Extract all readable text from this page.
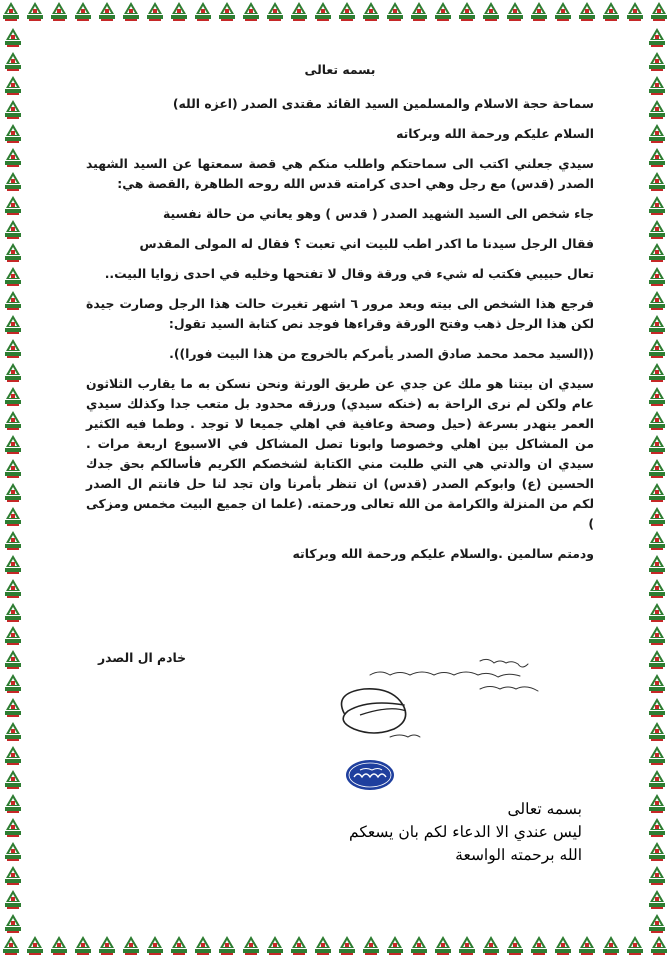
بسمه تعالى

سماحة حجة الاسلام والمسلمين السيد القائد مقتدى الصدر (اعزه الله)

السلام عليكم ورحمة الله وبركاته

سيدي جعلني اكتب الى سماحتكم واطلب منكم هي قصة سمعتها عن السيد الشهيد الصدر (قدس) مع رجل وهي احدى كرامته قدس الله روحه الطاهرة ,القصة هي:

جاء شخص الى السيد الشهيد الصدر ( قدس ) وهو يعاني من حالة نفسية

فقال الرجل سيدنا ما اكدر اطب للبيت اني تعبت ؟ فقال له المولى المقدس

تعال حبيبي فكتب له شيء في ورقة وقال لا تفتحها وخليه في احدى زوايا البيت..

فرجع هذا الشخص الى بيته وبعد مرور ٦ اشهر تغيرت حالت هذا الرجل وصارت جيدة لكن هذا الرجل ذهب وفتح الورقة وقراءها فوجد نص كتابة السيد تقول:

((السيد محمد محمد صادق الصدر يأمركم بالخروج من هذا البيت فورا)).

سيدي ان بيتنا هو ملك عن جدي عن طريق الورثة ونحن نسكن به ما يقارب الثلاثون عام ولكن لم نرى الراحة به (خنكه سيدي) ورزقه محدود بل متعب جدا وكذلك سيدي العمر ينهدر بسرعة (حيل وصحة وعافية في اهلي جميعا لا توجد . وطما فيه الكثير من المشاكل بين اهلي وخصوصا وابونا تصل المشاكل في الاسبوع اربعة مرات . سيدي ان والدتي هي التي طلبت مني الكتابة لشخصكم الكريم فأسالكم بحق جدك الحسين (ع) وابوكم الصدر (قدس) ان تنظر بأمرنا وان تجد لنا حل فانتم ال الصدر لكم من المنزلة والكرامة من الله تعالى ورحمته. (علما ان جميع البيت مخمس ومزكى )

ودمتم سالمين .والسلام عليكم ورحمة الله وبركاته

خادم ال الصدر
بسمه تعالى
ليس عندي الا الدعاء لكم بان يسعكم
الله برحمته الواسعة
